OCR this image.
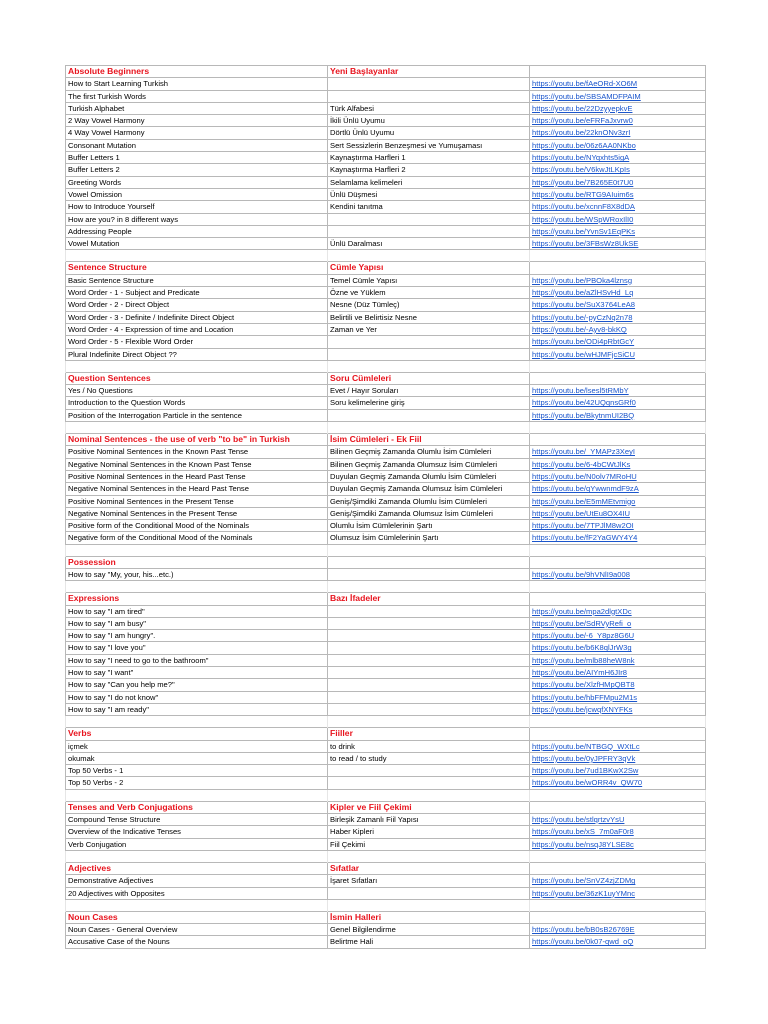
Absolute Beginners	Yeni Başlayanlar	
How to Start Learning Turkish		https://youtu.be/fAeORd-XO6M
The first Turkish Words		https://youtu.be/SBSAMDFPAIM
Turkish Alphabet	Türk Alfabesi	https://youtu.be/22DzyyepkvE
2 Way Vowel Harmony	İkili Ünlü Uyumu	https://youtu.be/eFRFaJxvrw0
4 Way Vowel Harmony	Dörtlü Ünlü Uyumu	https://youtu.be/22knONv3zrI
Consonant Mutation	Sert Sessizlerin Benzeşmesi ve Yumuşaması	https://youtu.be/06z6AA0NKbo
Buffer Letters 1	Kaynaştırma Harfleri 1	https://youtu.be/NYqxhts5igA
Buffer Letters 2	Kaynaştırma Harfleri 2	https://youtu.be/V6kwJtLKpIs
Greeting Words	Selamlama kelimeleri	https://youtu.be/7B265E0t7U0
Vowel Omission	Ünlü Düşmesi	https://youtu.be/RTG9AIuim6s
How to Introduce Yourself	Kendini tanıtma	https://youtu.be/xcnnF8X8dDA
How are you? in 8 different ways		https://youtu.be/WSpWRoxIlI0
Addressing People		https://youtu.be/YvnSv1EqPKs
Vowel Mutation	Ünlü Daralması	https://youtu.be/3FBsWz8UkSE

Sentence Structure	Cümle Yapısı	
Basic Sentence Structure	Temel Cümle Yapısı	https://youtu.be/PBOka4lznsg
Word Order - 1 - Subject and Predicate	Özne ve Yüklem	https://youtu.be/aZlHSvHd_Lq
Word Order - 2 - Direct Object	Nesne (Düz Tümleç)	https://youtu.be/SuX3764LeA8
Word Order - 3 - Definite / Indefinite Direct Object	Belirtili ve Belirtisiz Nesne	https://youtu.be/-pyCzNq2n78
Word Order - 4 - Expression of time and Location	Zaman ve Yer	https://youtu.be/-Ayv8-bkKQ
Word Order - 5 - Flexible Word Order		https://youtu.be/ODi4pRbtGcY
Plural Indefinite Direct Object ??		https://youtu.be/wHJMFjcSiCU

Question Sentences	Soru Cümleleri	
Yes / No Questions	Evet / Hayır Soruları	https://youtu.be/lsesl5tRMbY
Introduction to the Question Words	Soru kelimelerine giriş	https://youtu.be/42UQqnsGRf0
Position of the Interrogation Particle in the sentence		https://youtu.be/BkytnmUI2BQ

Nominal Sentences - the use of verb "to be" in Turkish	İsim Cümleleri - Ek Fiil	
Positive Nominal Sentences in the Known Past Tense	Bilinen Geçmiş Zamanda Olumlu İsim Cümleleri	https://youtu.be/_YMAPz3XeyI
Negative Nominal Sentences in the Known Past Tense	Bilinen Geçmiş Zamanda Olumsuz İsim Cümleleri	https://youtu.be/6-4bCWtJlKs
Positive Nominal Sentences in the Heard Past Tense	Duyulan Geçmiş Zamanda Olumlu İsim Cümleleri	https://youtu.be/N0olv7MRoHU
Negative Nominal Sentences in the Heard Past Tense	Duyulan Geçmiş Zamanda Olumsuz İsim Cümleleri	https://youtu.be/qYwwnmdF9zA
Positive Nominal Sentences in the Present Tense	Geniş/Şimdiki Zamanda Olumlu İsim Cümleleri	https://youtu.be/E5mMEtvmigo
Negative Nominal Sentences in the Present Tense	Geniş/Şimdiki Zamanda Olumsuz İsim Cümleleri	https://youtu.be/UtEu8OX4IU
Positive form of the Conditional Mood of the Nominals	Olumlu İsim Cümlelerinin Şartı	https://youtu.be/7TPJlM8w2OI
Negative form of the Conditional Mood of the Nominals	Olumsuz İsim Cümlelerinin Şartı	https://youtu.be/fF2YaGWY4Y4

Possession		
How to say "My, your, his...etc.)		https://youtu.be/9hVNlI9a008

Expressions	Bazı İfadeler	
How to say "I am tired"		https://youtu.be/mpa2dlgtXDc
How to say "I am busy"		https://youtu.be/SdRVyRefi_o
How to say "I am hungry".		https://youtu.be/-6_Y8pz8G6U
How to say "I love you"		https://youtu.be/b6K8qlJrW3g
How to say "I need to go to the bathroom"		https://youtu.be/mlb88heW8nk
How to say "I want"		https://youtu.be/AIYmH6JIr8
How to say "Can you help me?"		https://youtu.be/XlzfHMpQBT8
How to say "I do not know"		https://youtu.be/hbFFMpu2M1s
How to say "I am ready"		https://youtu.be/jcwqfXNYFKs

Verbs	Fiiller	
içmek	to drink	https://youtu.be/NTBGQ_WXtLc
okumak	to read / to study	https://youtu.be/0yJPFRY3qVk
Top 50 Verbs - 1		https://youtu.be/7ud1BKwX2Sw
Top 50 Verbs - 2		https://youtu.be/wORR4v_QW70

Tenses and Verb Conjugations	Kipler ve Fiil Çekimi	
Compound Tense Structure	Birleşik Zamanlı Fiil Yapısı	https://youtu.be/stlqrtzvYsU
Overview of the Indicative Tenses	Haber Kipleri	https://youtu.be/xS_7m0aF0r8
Verb Conjugation	Fiil Çekimi	https://youtu.be/nsqJ8YLSE8c

Adjectives	Sıfatlar	
Demonstrative Adjectives	İşaret Sıfatları	https://youtu.be/SnVZ4zjZDMg
20 Adjectives with Opposites		https://youtu.be/36zK1uyYMnc

Noun Cases	İsmin Halleri	
Noun Cases - General Overview	Genel Bilgilendirme	https://youtu.be/bB0sB26769E
Accusative Case of the Nouns	Belirtme Hali	https://youtu.be/0k07-qwd_oQ
